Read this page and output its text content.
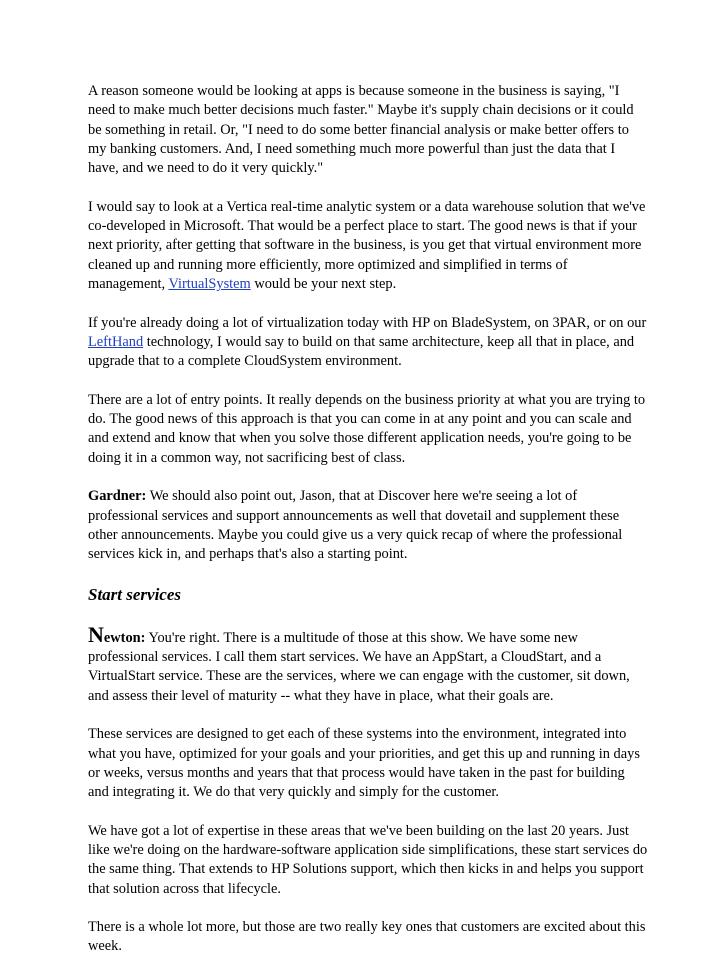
A reason someone would be looking at apps is because someone in the business is saying, "I need to make much better decisions much faster." Maybe it's supply chain decisions or it could be something in retail. Or, "I need to do some better financial analysis or make better offers to my banking customers. And, I need something much more powerful than just the data that I have, and we need to do it very quickly."

I would say to look at a Vertica real-time analytic system or a data warehouse solution that we've co-developed in Microsoft. That would be a perfect place to start. The good news is that if your next priority, after getting that software in the business, is you get that virtual environment more cleaned up and running more efficiently, more optimized and simplified in terms of management, VirtualSystem would be your next step.

If you're already doing a lot of virtualization today with HP on BladeSystem, on 3PAR, or on our LeftHand technology, I would say to build on that same architecture, keep all that in place, and upgrade that to a complete CloudSystem environment.

There are a lot of entry points. It really depends on the business priority at what you are trying to do. The good news of this approach is that you can come in at any point and you can scale and and extend and know that when you solve those different application needs, you're going to be doing it in a common way, not sacrificing best of class.

Gardner: We should also point out, Jason, that at Discover here we're seeing a lot of professional services and support announcements as well that dovetail and supplement these other announcements. Maybe you could give us a very quick recap of where the professional services kick in, and perhaps that's also a starting point.

Start services

Newton: You're right. There is a multitude of those at this show. We have some new professional services. I call them start services. We have an AppStart, a CloudStart, and a VirtualStart service. These are the services, where we can engage with the customer, sit down, and assess their level of maturity -- what they have in place, what their goals are.

These services are designed to get each of these systems into the environment, integrated into what you have, optimized for your goals and your priorities, and get this up and running in days or weeks, versus months and years that that process would have taken in the past for building and integrating it. We do that very quickly and simply for the customer.

We have got a lot of expertise in these areas that we've been building on the last 20 years. Just like we're doing on the hardware-software application side simplifications, these start services do the same thing. That extends to HP Solutions support, which then kicks in and helps you support that solution across that lifecycle.

There is a whole lot more, but those are two really key ones that customers are excited about this week.
